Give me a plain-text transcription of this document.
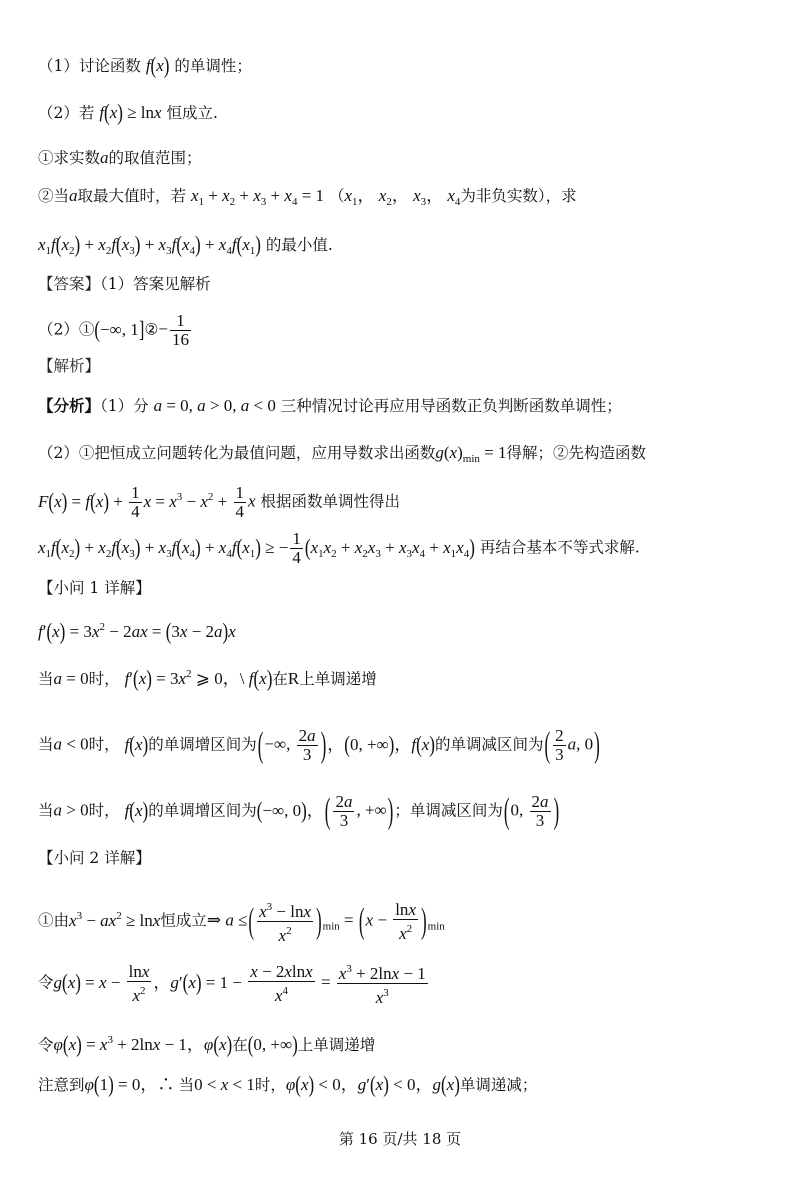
（1）讨论函数 f(x) 的单调性；
（2）若 f(x) ≥ lnx 恒成立.
①求实数a的取值范围；
②当a取最大值时，若 $x_1 + x_2 + x_3 + x_4 = 1$ （$x_1$， $x_2$， $x_3$， $x_4$为非负实数），求
$x_1f(x_2) + x_2f(x_3) + x_3f(x_4) + x_4f(x_1)$ 的最小值.
【答案】（1）答案见解析
（2）①(−∞, 1]②− $\frac{1}{16}$
【解析】
【分析】（1）分 a = 0, a > 0, a < 0 三种情况讨论再应用导函数正负判断函数单调性；
（2）①把恒成立问题转化为最值问题，应用导数求出函数$g(x)_{min} = 1$得解；②先构造函数
$F(x) = f(x) + \frac{1}{4}$ $x = x^3 - x^2 + \frac{1}{4}$ x 根据函数单调性得出
$x_1f(x_2) + x_2f(x_3) + x_3f(x_4) + x_4f(x_1)$ ≥ − $\frac{1}{4} (x_1x_2 + x_2x_3 + x_3x_4 + x_1x_4)$ 再结合基本不等式求解.
【小问 1 详解】
$f'(x) = 3x^2 - 2ax = (3x - 2a)x$
当a = 0时， $f'(x) = 3x^2$ ⩾ 0，\ f(x)在R上单调递增
当a < 0时， f(x)的单调增区间为(−∞, $\frac{2a}{3}$ )，(0, +∞)，f(x)的单调减区间为( $\frac{2}{3} a$, 0)
当a > 0时， f(x)的单调增区间为(−∞, 0)，( $\frac{2a}{3}$ , +∞)；单调减区间为(0, $\frac{2a}{3}$ )
【小问 2 详解】
①由$x^3 - ax^2 \ge \ln x$恒成立⇒ a ≤( $\frac{x^3 - \ln x}{x^2} )_{min} = (x - \frac{\ln x}{x^2} )_{min}$
令$g(x) = x - \frac{\ln x}{x^2}$ ，$g'(x) = 1 - \frac{x - 2xlnx}{x^4} = \frac{x^3 + 2\ln x - 1}{x^3}$
令$\varphi(x) = x^3 + 2\ln x - 1$，φ(x)在(0, +∞)上单调递增
注意到φ(1) = 0，∴ 当0 < x < 1时，φ(x) < 0，g′(x) < 0，g(x)单调递减；
第 16 页/共 18 页
